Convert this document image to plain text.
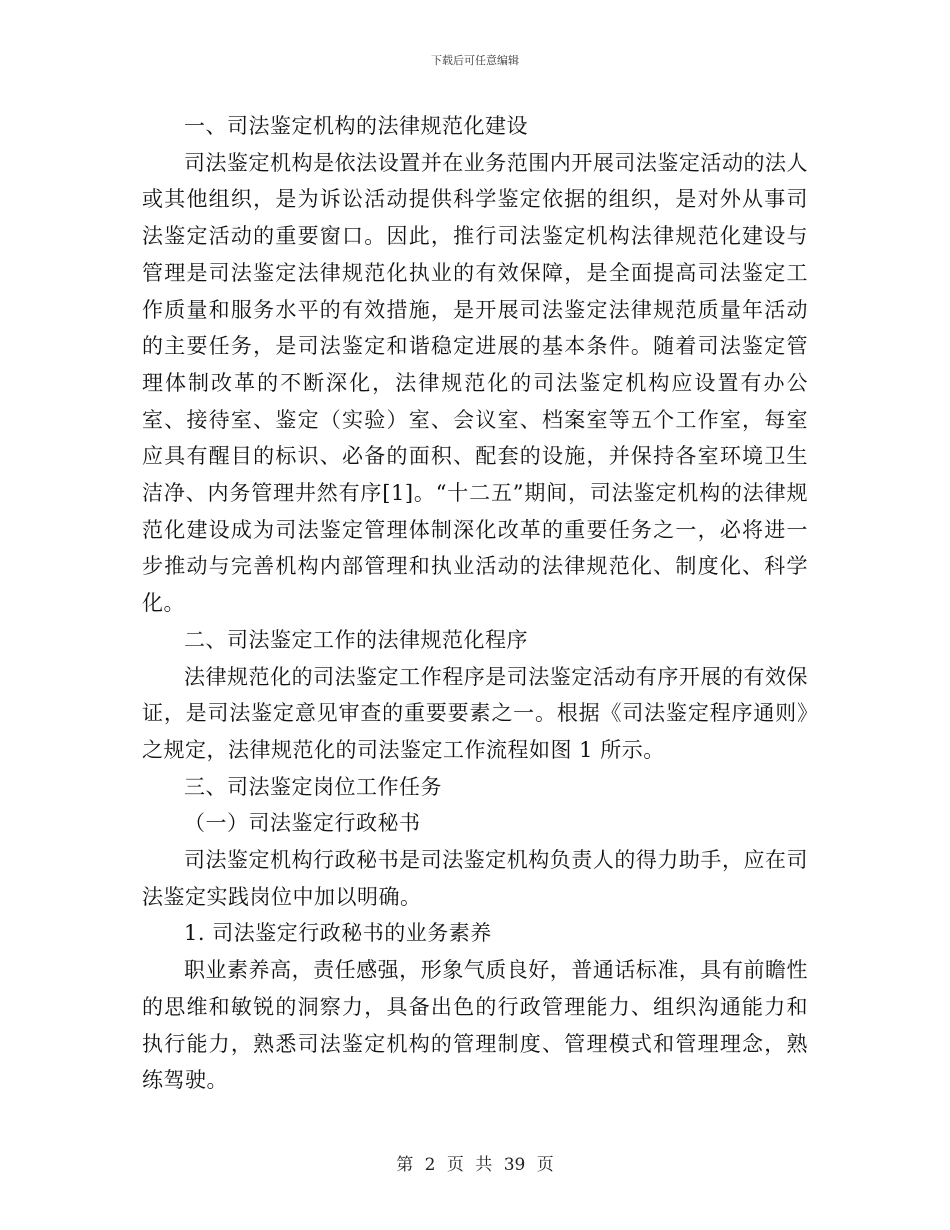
下载后可任意编辑

一、司法鉴定机构的法律规范化建设

司法鉴定机构是依法设置并在业务范围内开展司法鉴定活动的法人或其他组织，是为诉讼活动提供科学鉴定依据的组织，是对外从事司法鉴定活动的重要窗口。因此，推行司法鉴定机构法律规范化建设与管理是司法鉴定法律规范化执业的有效保障，是全面提高司法鉴定工作质量和服务水平的有效措施，是开展司法鉴定法律规范质量年活动的主要任务，是司法鉴定和谐稳定进展的基本条件。随着司法鉴定管理体制改革的不断深化，法律规范化的司法鉴定机构应设置有办公室、接待室、鉴定（实验）室、会议室、档案室等五个工作室，每室应具有醒目的标识、必备的面积、配套的设施，并保持各室环境卫生洁净、内务管理井然有序[1]。“十二五”期间，司法鉴定机构的法律规范化建设成为司法鉴定管理体制深化改革的重要任务之一，必将进一步推动与完善机构内部管理和执业活动的法律规范化、制度化、科学化。

二、司法鉴定工作的法律规范化程序

法律规范化的司法鉴定工作程序是司法鉴定活动有序开展的有效保证，是司法鉴定意见审查的重要要素之一。根据《司法鉴定程序通则》之规定，法律规范化的司法鉴定工作流程如图 1 所示。

三、司法鉴定岗位工作任务

（一）司法鉴定行政秘书

司法鉴定机构行政秘书是司法鉴定机构负责人的得力助手，应在司法鉴定实践岗位中加以明确。

1. 司法鉴定行政秘书的业务素养

职业素养高，责任感强，形象气质良好，普通话标准，具有前瞻性的思维和敏锐的洞察力，具备出色的行政管理能力、组织沟通能力和执行能力，熟悉司法鉴定机构的管理制度、管理模式和管理理念，熟练驾驶。

第 2 页 共 39 页
